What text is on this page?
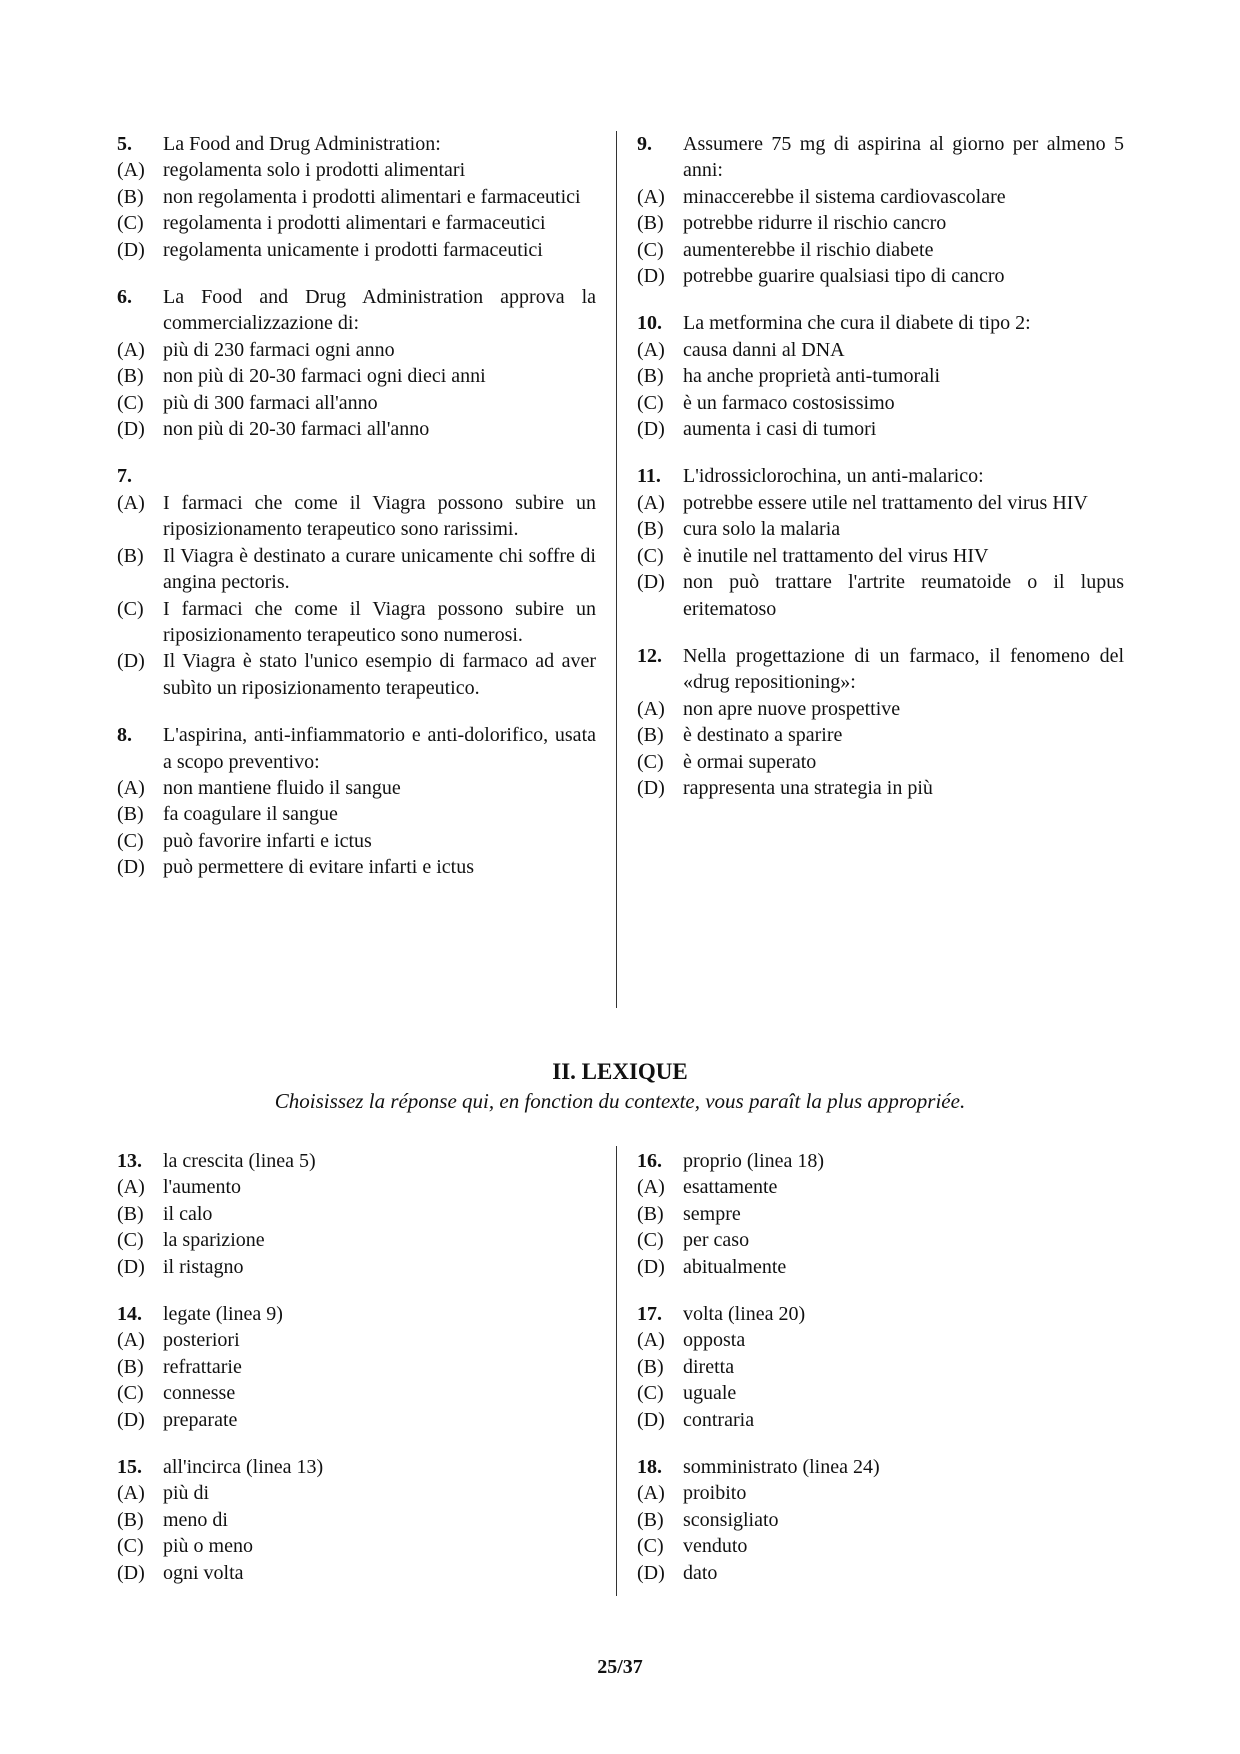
5.	La Food and Drug Administration:
(A) regolamenta solo i prodotti alimentari
(B) non regolamenta i prodotti alimentari e farmaceutici
(C) regolamenta i prodotti alimentari e farmaceutici
(D) regolamenta unicamente i prodotti farmaceutici
6.	La Food and Drug Administration approva la commercializzazione di:
(A) più di 230 farmaci ogni anno
(B) non più di 20-30 farmaci ogni dieci anni
(C) più di 300 farmaci all'anno
(D) non più di 20-30 farmaci all'anno
7.
(A) I farmaci che come il Viagra possono subire un riposizionamento terapeutico sono rarissimi.
(B) Il Viagra è destinato a curare unicamente chi soffre di angina pectoris.
(C) I farmaci che come il Viagra possono subire un riposizionamento terapeutico sono numerosi.
(D) Il Viagra è stato l'unico esempio di farmaco ad aver subìto un riposizionamento terapeutico.
8.	L'aspirina, anti-infiammatorio e anti-dolorifico, usata a scopo preventivo:
(A) non mantiene fluido il sangue
(B) fa coagulare il sangue
(C) può favorire infarti e ictus
(D) può permettere di evitare infarti e ictus
9.	Assumere 75 mg di aspirina al giorno per almeno 5 anni:
(A) minaccerebbe il sistema cardiovascolare
(B) potrebbe ridurre il rischio cancro
(C) aumenterebbe il rischio diabete
(D) potrebbe guarire qualsiasi tipo di cancro
10.	La metformina che cura il diabete di tipo 2:
(A) causa danni al DNA
(B) ha anche proprietà anti-tumorali
(C) è un farmaco costosissimo
(D) aumenta i casi di tumori
11.	L'idrossiclorochina, un anti-malarico:
(A) potrebbe essere utile nel trattamento del virus HIV
(B) cura solo la malaria
(C) è inutile nel trattamento del virus HIV
(D) non può trattare l'artrite reumatoide o il lupus eritematoso
12.	Nella progettazione di un farmaco, il fenomeno del «drug repositioning»:
(A) non apre nuove prospettive
(B) è destinato a sparire
(C) è ormai superato
(D) rappresenta una strategia in più
II. LEXIQUE
Choisissez la réponse qui, en fonction du contexte, vous paraît la plus appropriée.
13.	la crescita (linea 5)
(A) l'aumento
(B) il calo
(C) la sparizione
(D) il ristagno
14.	legate (linea 9)
(A) posteriori
(B) refrattarie
(C) connesse
(D) preparate
15.	all'incirca (linea 13)
(A) più di
(B) meno di
(C) più o meno
(D) ogni volta
16.	proprio (linea 18)
(A) esattamente
(B) sempre
(C) per caso
(D) abitualmente
17.	volta (linea 20)
(A) opposta
(B) diretta
(C) uguale
(D) contraria
18.	somministrato (linea 24)
(A) proibito
(B) sconsigliato
(C) venduto
(D) dato
25/37
